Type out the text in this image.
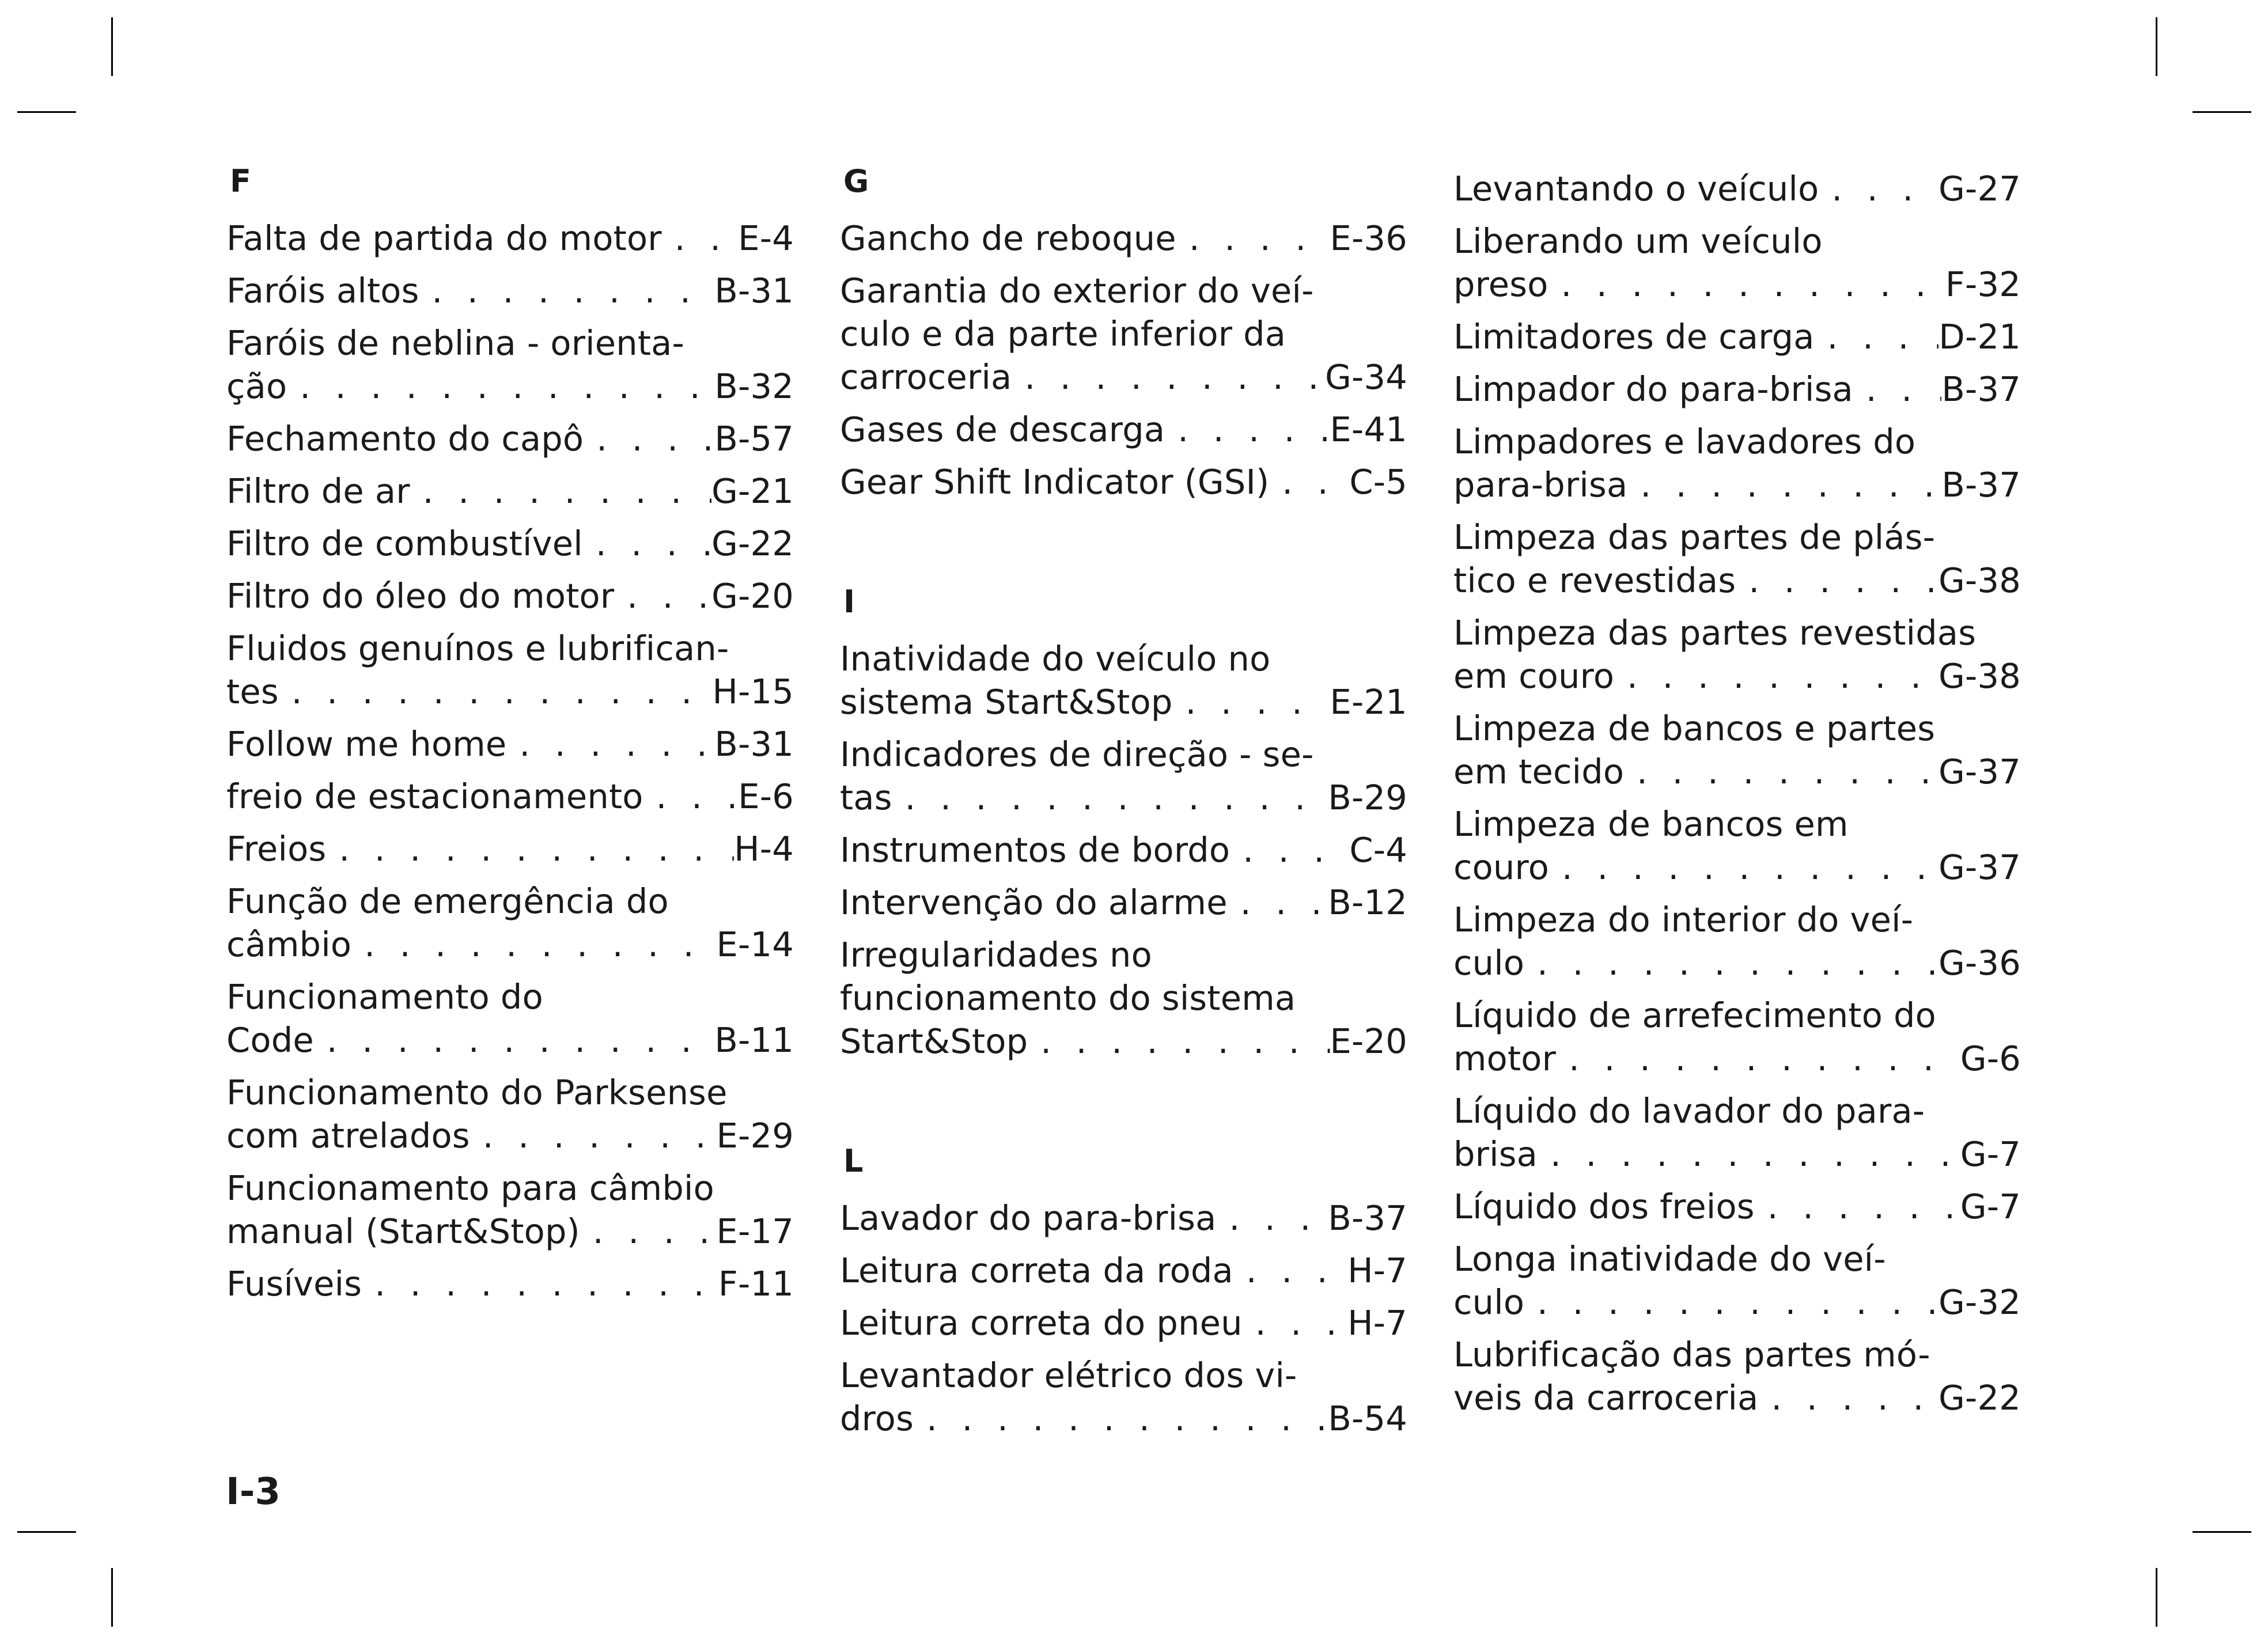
F
Falta de partida do motor . . . E-4
Faróis altos . . .	B-31
Faróis de neblina - orienta-
ção . . .	B-32
Fechamento do capô . . .	B-57
Filtro de ar . . .	G-21
Filtro de combustível . . .	G-22
Filtro do óleo do motor . . .	G-20
Fluidos genuínos e lubrifican-
tes . . .	H-15
Follow me home . . .	B-31
freio de estacionamento . . .	E-6
Freios . . .	H-4
Função de emergência do
câmbio . . .	E-14
Funcionamento do
Code . . .	B-11
Funcionamento do Parksense
com atrelados . . .	E-29
Funcionamento para câmbio
manual (Start&Stop) . . .	E-17
Fusíveis . . .	F-11
G
Gancho de reboque . . .	E-36
Garantia do exterior do veí-
culo e da parte inferior da
carroceria . . .	G-34
Gases de descarga . . .	E-41
Gear Shift Indicator (GSI) . . . C-5
I
Inatividade do veículo no
sistema Start&Stop . . .	E-21
Indicadores de direção - se-
tas . . .	B-29
Instrumentos de bordo . . .	C-4
Intervenção do alarme . . .	B-12
Irregularidades no
funcionamento do sistema
Start&Stop . . .	E-20
L
Lavador do para-brisa . . .	B-37
Leitura correta da roda . . .	H-7
Leitura correta do pneu . . .	H-7
Levantador elétrico dos vi-
dros . . .	B-54
Levantando o veículo . . .	G-27
Liberando um veículo
preso . . .	F-32
Limitadores de carga . . .	D-21
Limpador do para-brisa . . .	B-37
Limpadores e lavadores do
para-brisa . . .	B-37
Limpeza das partes de plás-
tico e revestidas . . .	G-38
Limpeza das partes revestidas
em couro . . .	G-38
Limpeza de bancos e partes
em tecido . . .	G-37
Limpeza de bancos em
couro . . .	G-37
Limpeza do interior do veí-
culo . . .	G-36
Líquido de arrefecimento do
motor . . .	G-6
Líquido do lavador do para-
brisa . . .	G-7
Líquido dos freios . . .	G-7
Longa inatividade do veí-
culo . . .	G-32
Lubrificação das partes mó-
veis da carroceria . . .	G-22
I-3
